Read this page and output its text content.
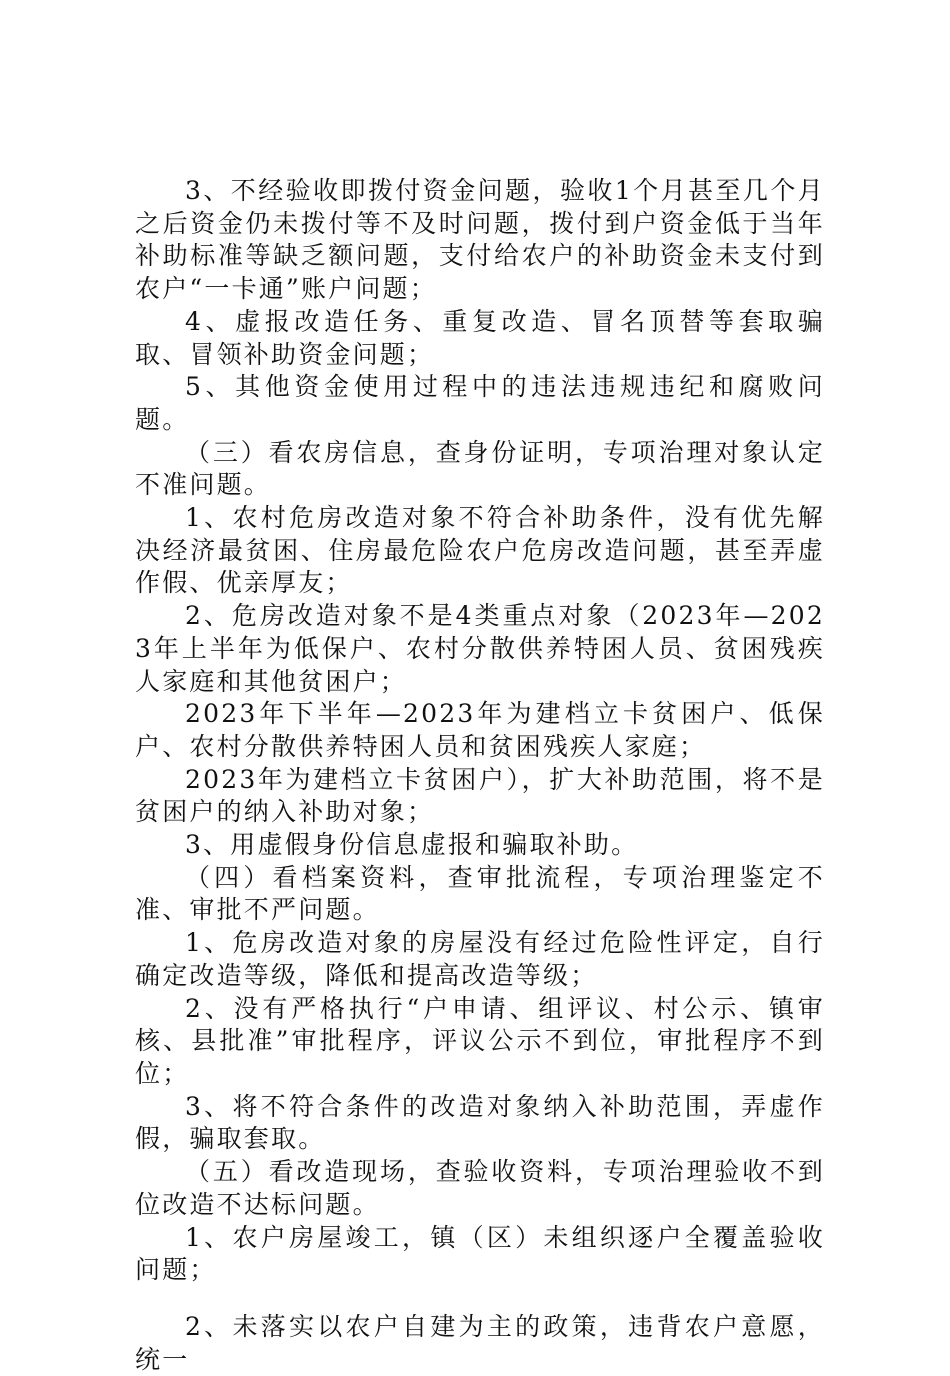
3、不经验收即拨付资金问题，验收1个月甚至几个月之后资金仍未拨付等不及时问题，拨付到户资金低于当年补助标准等缺乏额问题，支付给农户的补助资金未支付到农户“一卡通”账户问题；

4、虚报改造任务、重复改造、冒名顶替等套取骗取、冒领补助资金问题；

5、其他资金使用过程中的违法违规违纪和腐败问题。

（三）看农房信息，查身份证明，专项治理对象认定不准问题。

1、农村危房改造对象不符合补助条件，没有优先解决经济最贫困、住房最危险农户危房改造问题，甚至弄虚作假、优亲厚友；

2、危房改造对象不是4类重点对象（2023年—2023年上半年为低保户、农村分散供养特困人员、贫困残疾人家庭和其他贫困户；

2023年下半年—2023年为建档立卡贫困户、低保户、农村分散供养特困人员和贫困残疾人家庭；

2023年为建档立卡贫困户），扩大补助范围，将不是贫困户的纳入补助对象；

3、用虚假身份信息虚报和骗取补助。

（四）看档案资料，查审批流程，专项治理鉴定不准、审批不严问题。

1、危房改造对象的房屋没有经过危险性评定，自行确定改造等级，降低和提高改造等级；

2、没有严格执行“户申请、组评议、村公示、镇审核、县批准”审批程序，评议公示不到位，审批程序不到位；

3、将不符合条件的改造对象纳入补助范围，弄虚作假，骗取套取。

（五）看改造现场，查验收资料，专项治理验收不到位改造不达标问题。

1、农户房屋竣工，镇（区）未组织逐户全覆盖验收问题；

2、未落实以农户自建为主的政策，违背农户意愿，统一
